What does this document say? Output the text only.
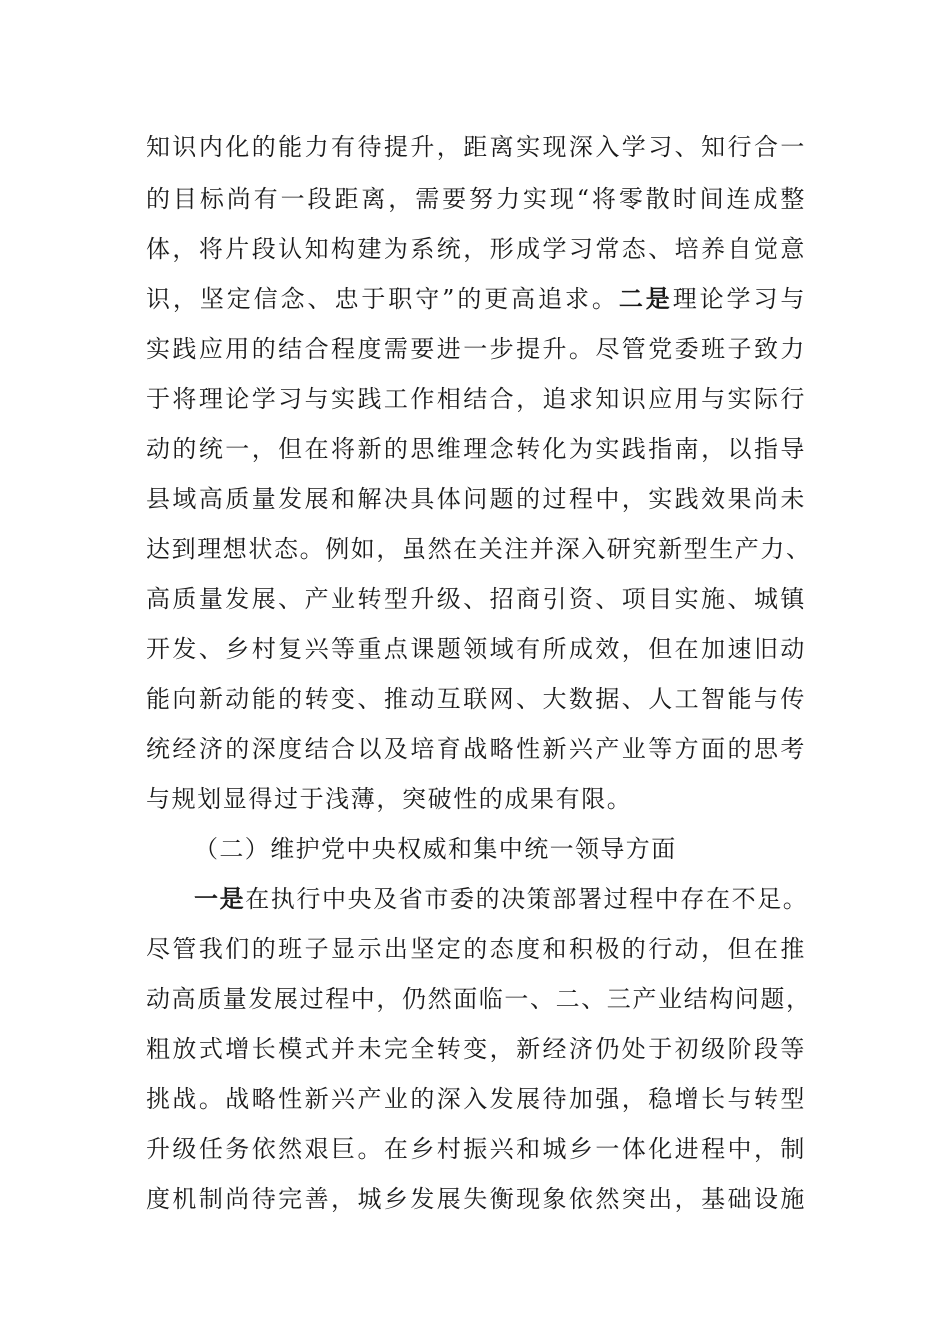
知识内化的能力有待提升，距离实现深入学习、知行合一
的目标尚有一段距离，需要努力实现“将零散时间连成整
体，将片段认知构建为系统，形成学习常态、培养自觉意
识，坚定信念、忠于职守”的更高追求。二是理论学习与
实践应用的结合程度需要进一步提升。尽管党委班子致力
于将理论学习与实践工作相结合，追求知识应用与实际行
动的统一，但在将新的思维理念转化为实践指南，以指导
县域高质量发展和解决具体问题的过程中，实践效果尚未
达到理想状态。例如，虽然在关注并深入研究新型生产力、
高质量发展、产业转型升级、招商引资、项目实施、城镇
开发、乡村复兴等重点课题领域有所成效，但在加速旧动
能向新动能的转变、推动互联网、大数据、人工智能与传
统经济的深度结合以及培育战略性新兴产业等方面的思考
与规划显得过于浅薄，突破性的成果有限。
（二）维护党中央权威和集中统一领导方面
一是在执行中央及省市委的决策部署过程中存在不足。
尽管我们的班子显示出坚定的态度和积极的行动，但在推
动高质量发展过程中，仍然面临一、二、三产业结构问题，
粗放式增长模式并未完全转变，新经济仍处于初级阶段等
挑战。战略性新兴产业的深入发展待加强，稳增长与转型
升级任务依然艰巨。在乡村振兴和城乡一体化进程中，制
度机制尚待完善，城乡发展失衡现象依然突出，基础设施
